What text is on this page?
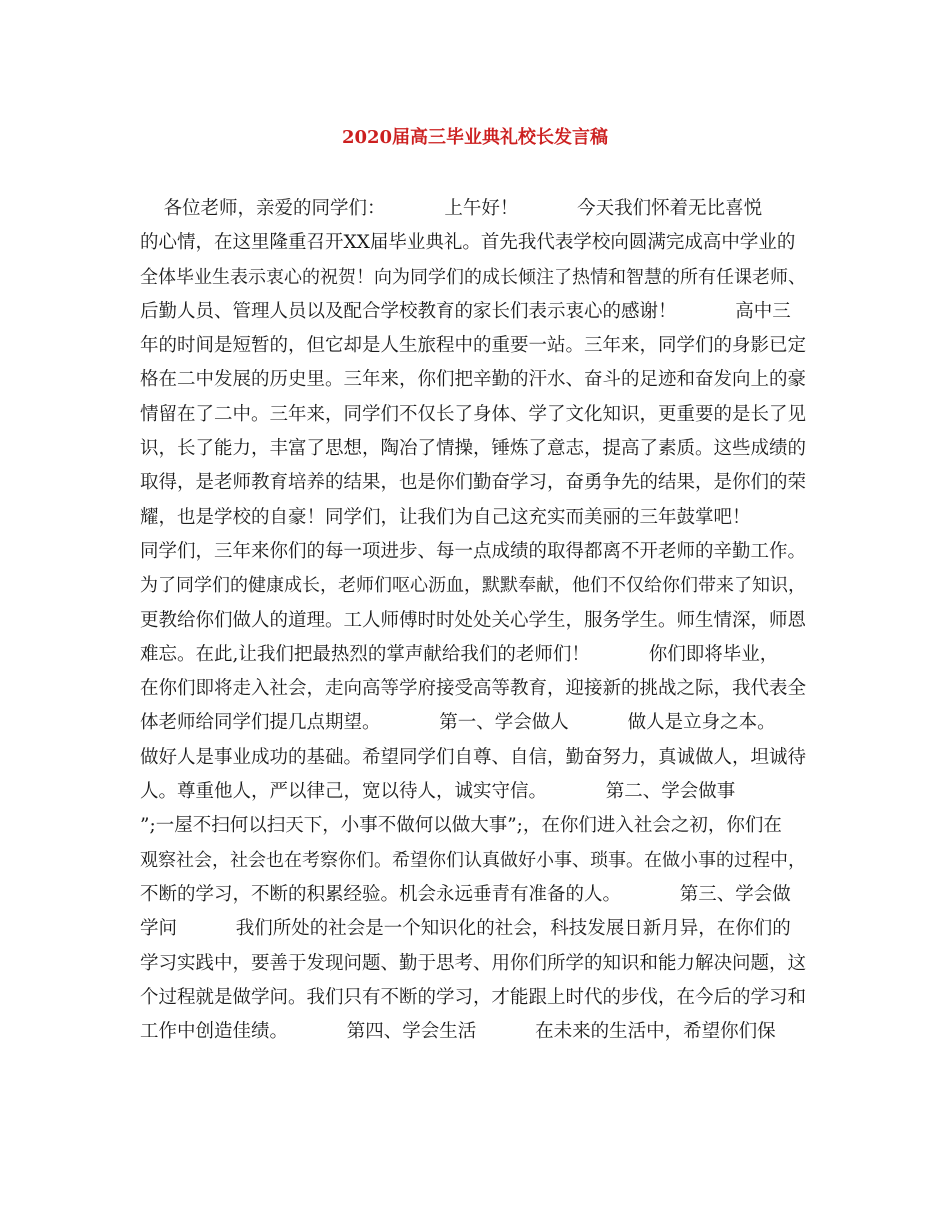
2020届高三毕业典礼校长发言稿
各位老师，亲爱的同学们：          上午好！          今天我们怀着无比喜悦
的心情，在这里隆重召开XX届毕业典礼。首先我代表学校向圆满完成高中学业的
全体毕业生表示衷心的祝贺！向为同学们的成长倾注了热情和智慧的所有任课老师、
后勤人员、管理人员以及配合学校教育的家长们表示衷心的感谢！          高中三
年的时间是短暂的，但它却是人生旅程中的重要一站。三年来，同学们的身影已定
格在二中发展的历史里。三年来，你们把辛勤的汗水、奋斗的足迹和奋发向上的豪
情留在了二中。三年来，同学们不仅长了身体、学了文化知识，更重要的是长了见
识，长了能力，丰富了思想，陶冶了情操，锤炼了意志，提高了素质。这些成绩的
取得，是老师教育培养的结果，也是你们勤奋学习，奋勇争先的结果，是你们的荣
耀，也是学校的自豪！同学们，让我们为自己这充实而美丽的三年鼓掌吧！
同学们，三年来你们的每一项进步、每一点成绩的取得都离不开老师的辛勤工作。
为了同学们的健康成长，老师们呕心沥血，默默奉献，他们不仅给你们带来了知识，
更教给你们做人的道理。工人师傅时时处处关心学生，服务学生。师生情深，师恩
难忘。在此,让我们把最热烈的掌声献给我们的老师们！          你们即将毕业，
在你们即将走入社会，走向高等学府接受高等教育，迎接新的挑战之际，我代表全
体老师给同学们提几点期望。          第一、学会做人          做人是立身之本。
做好人是事业成功的基础。希望同学们自尊、自信，勤奋努力，真诚做人，坦诚待
人。尊重他人，严以律己，宽以待人，诚实守信。          第二、学会做事
”;一屋不扫何以扫天下，小事不做何以做大事”;，在你们进入社会之初，你们在
观察社会，社会也在考察你们。希望你们认真做好小事、琐事。在做小事的过程中，
不断的学习，不断的积累经验。机会永远垂青有准备的人。          第三、学会做
学问          我们所处的社会是一个知识化的社会，科技发展日新月异，在你们的
学习实践中，要善于发现问题、勤于思考、用你们所学的知识和能力解决问题，这
个过程就是做学问。我们只有不断的学习，才能跟上时代的步伐，在今后的学习和
工作中创造佳绩。          第四、学会生活          在未来的生活中，希望你们保
